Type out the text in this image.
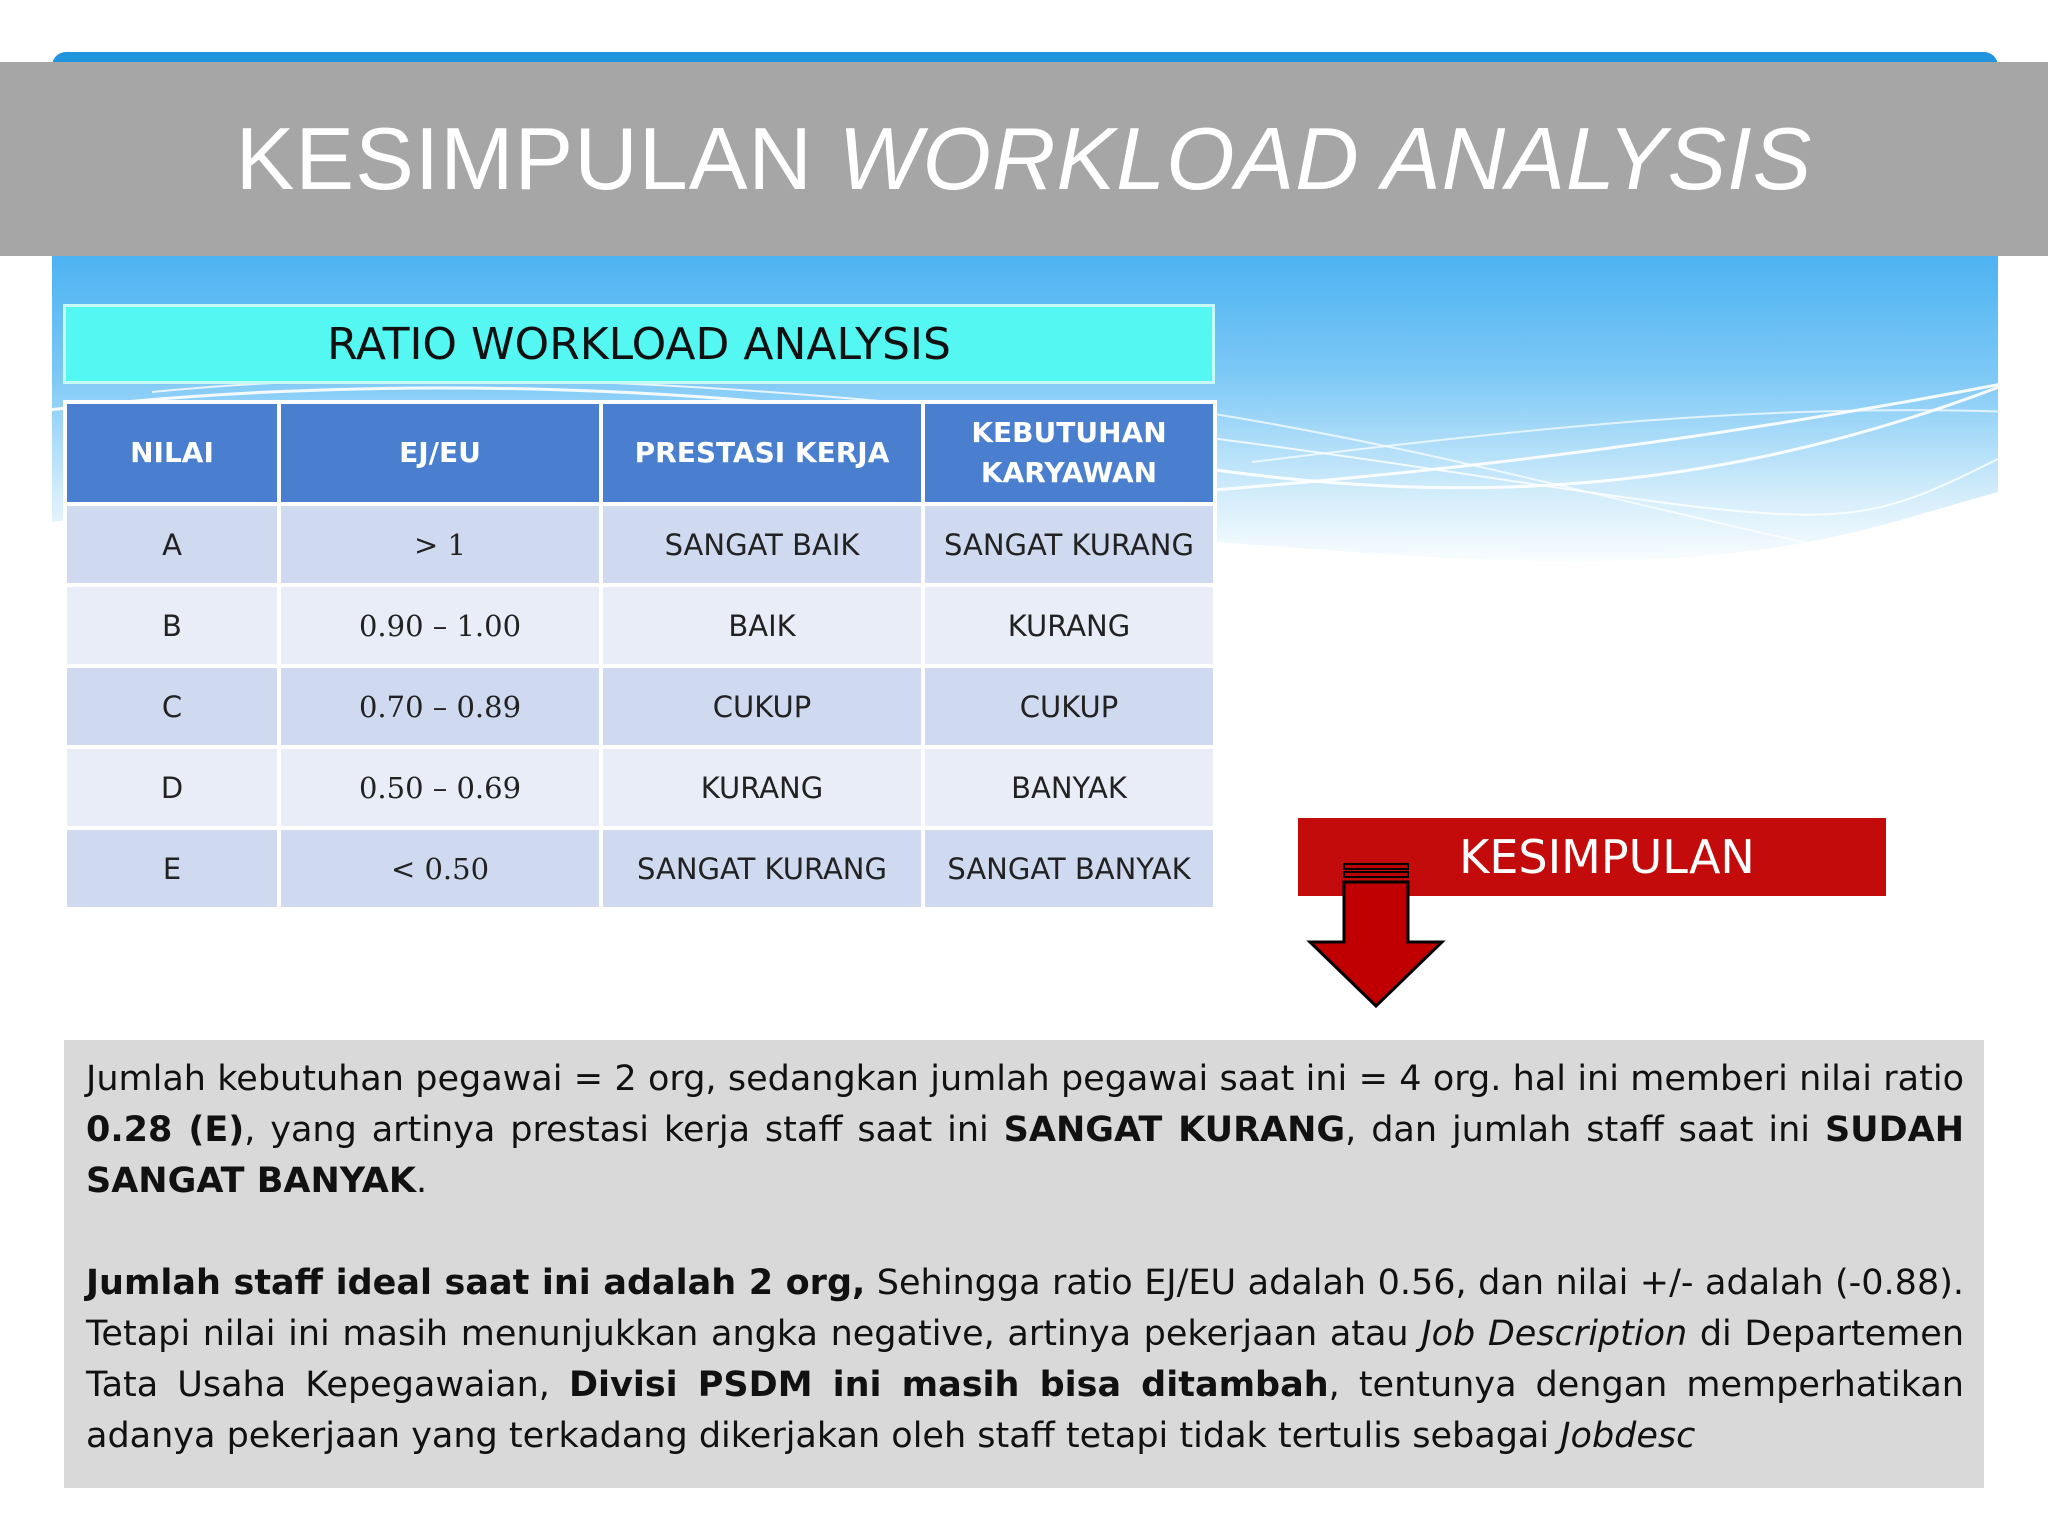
KESIMPULAN WORKLOAD ANALYSIS
RATIO WORKLOAD ANALYSIS
NILAI	EJ/EU	PRESTASI KERJA	KEBUTUHAN KARYAWAN
A	> 1	SANGAT BAIK	SANGAT KURANG
B	0.90 – 1.00	BAIK	KURANG
C	0.70 – 0.89	CUKUP	CUKUP
D	0.50 – 0.69	KURANG	BANYAK
E	< 0.50	SANGAT KURANG	SANGAT BANYAK	KESIMPULAN

Jumlah kebutuhan pegawai = 2 org, sedangkan jumlah pegawai saat ini = 4 org. hal ini memberi nilai ratio 0.28 (E), yang artinya prestasi kerja staff saat ini SANGAT KURANG, dan jumlah staff saat ini SUDAH SANGAT BANYAK.

Jumlah staff ideal saat ini adalah 2 org, Sehingga ratio EJ/EU adalah 0.56, dan nilai +/- adalah (-0.88). Tetapi nilai ini masih menunjukkan angka negative, artinya pekerjaan atau Job Description di Departemen Tata Usaha Kepegawaian, Divisi PSDM ini masih bisa ditambah, tentunya dengan memperhatikan adanya pekerjaan yang terkadang dikerjakan oleh staff tetapi tidak tertulis sebagai Jobdesc
